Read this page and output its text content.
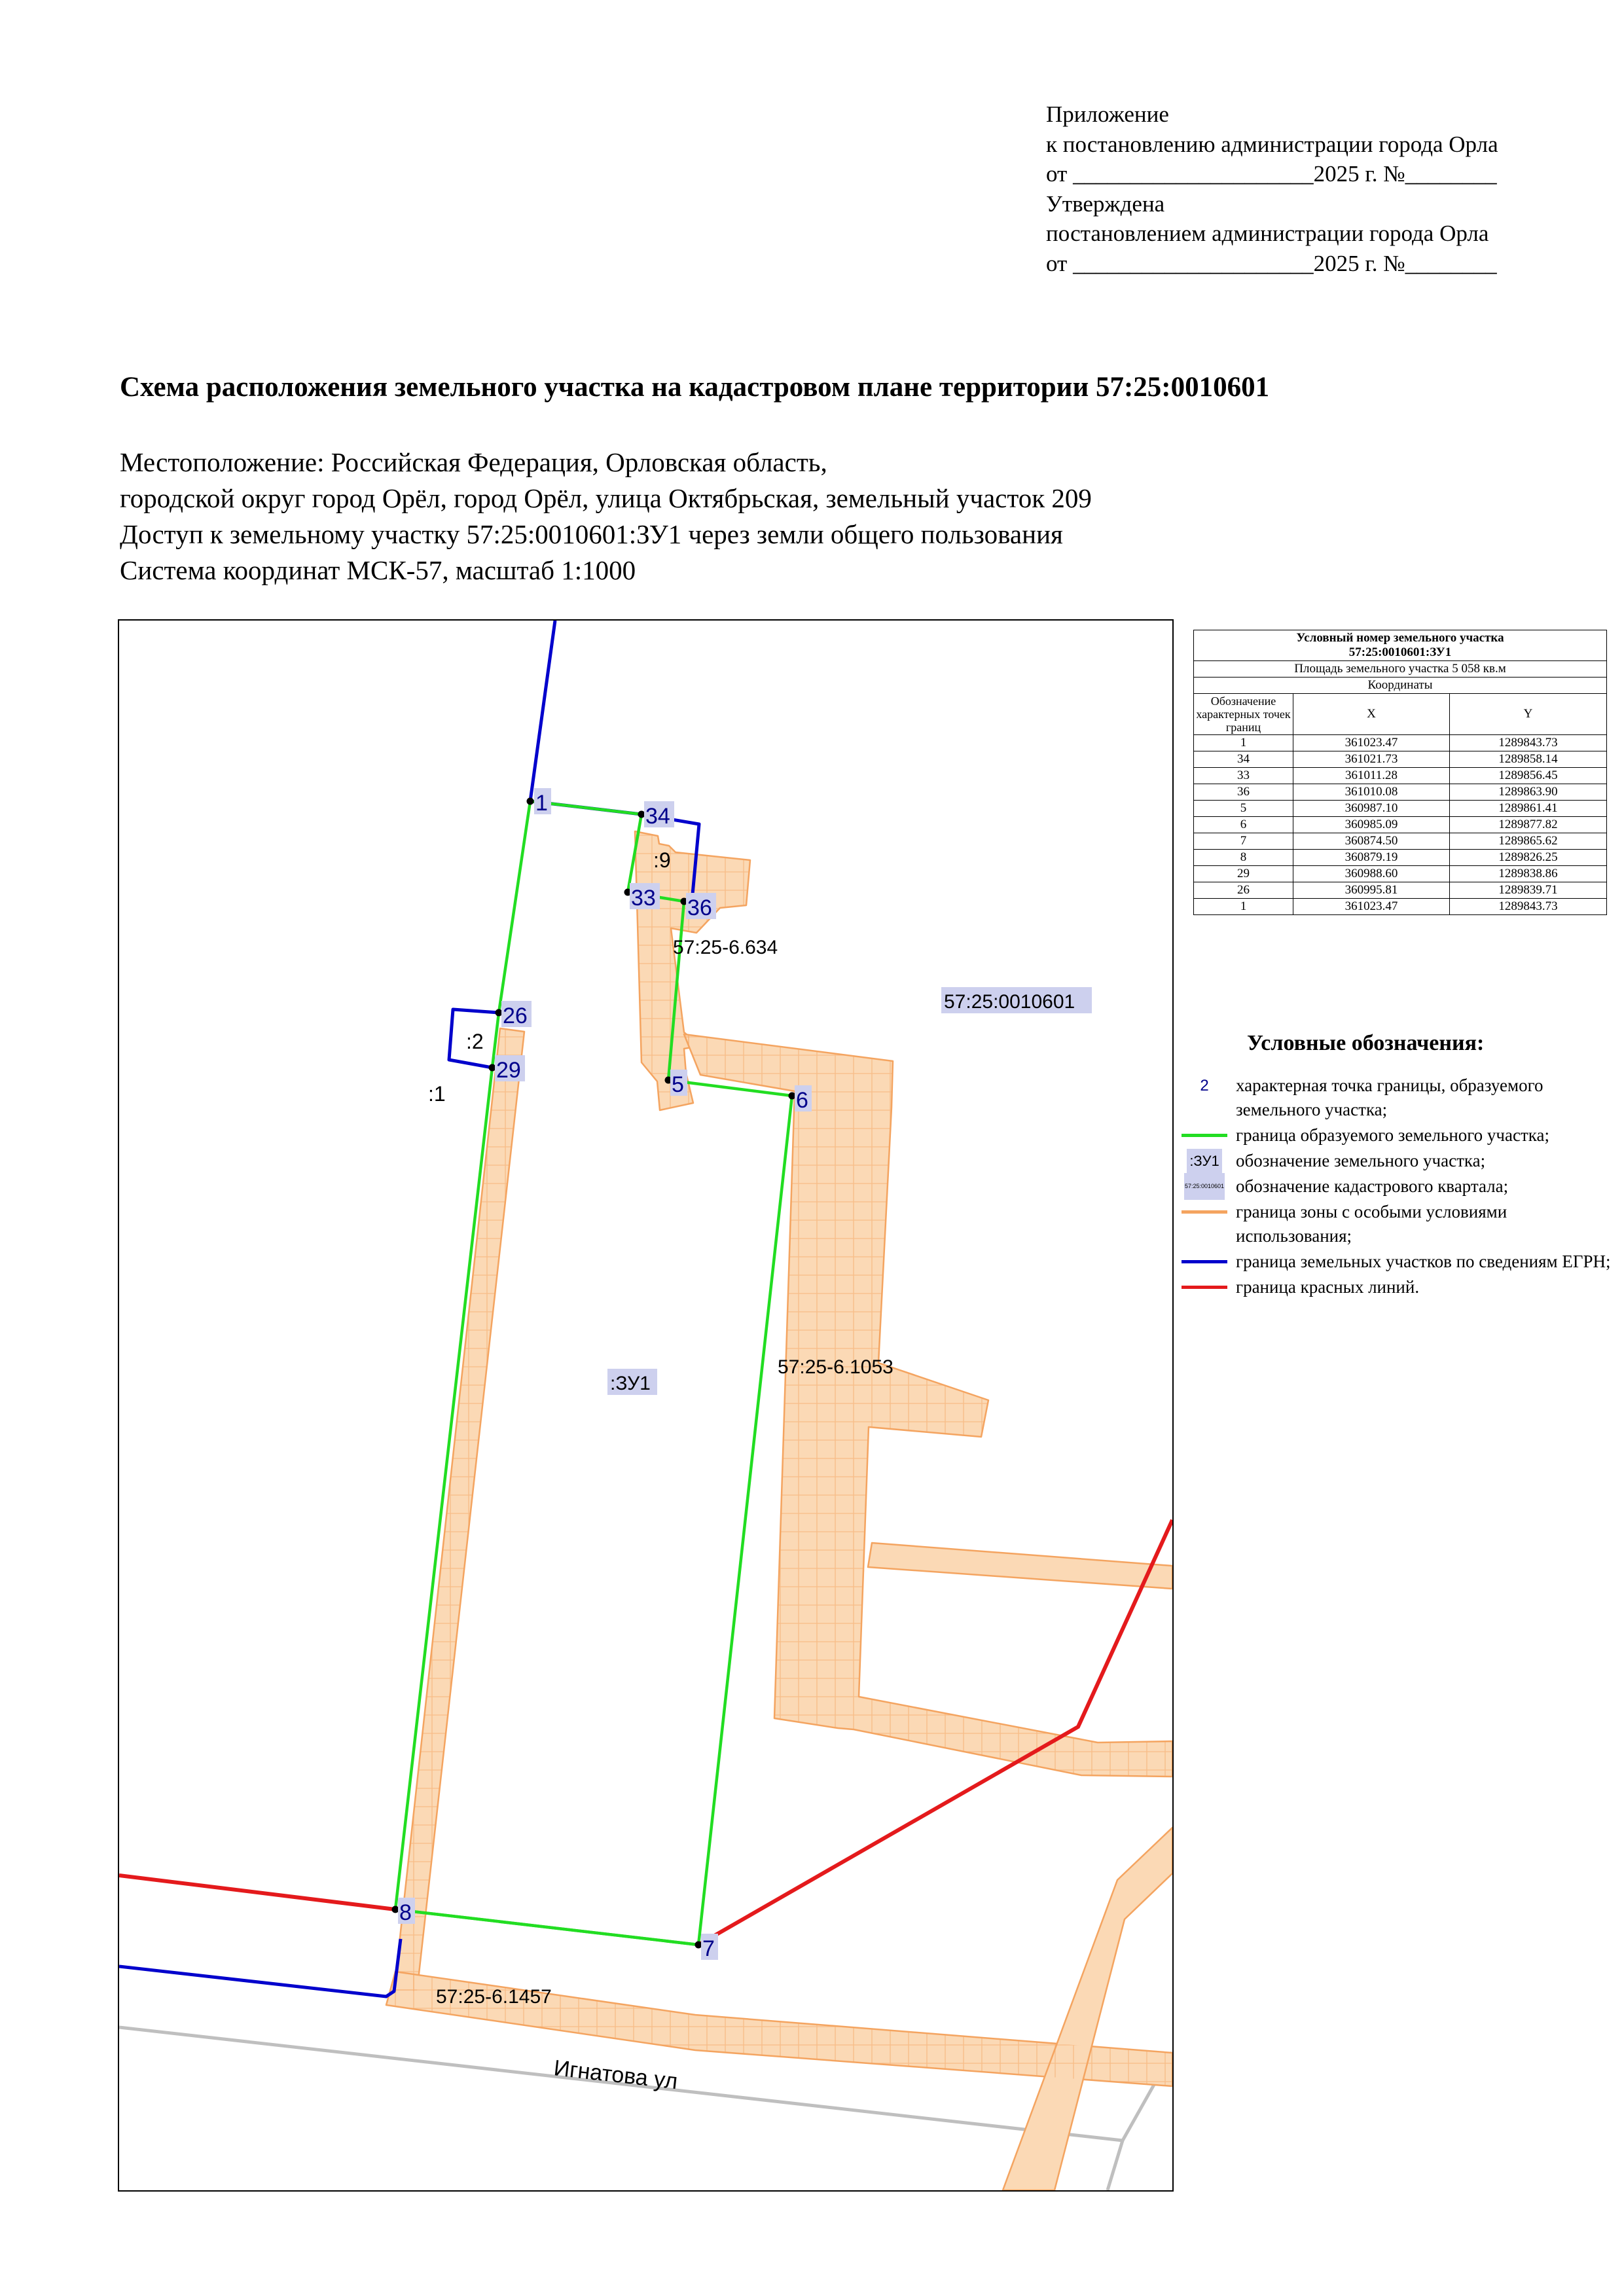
Приложение
к постановлению администрации города Орла
от _____________________2025 г. №________
Утверждена
постановлением администрации города Орла
от _____________________2025 г. №________
Схема расположения земельного участка на кадастровом плане территории 57:25:0010601
Местоположение: Российская Федерация, Орловская область,
городской округ город Орёл, город Орёл, улица Октябрьская, земельный участок 209
Доступ к земельному участку 57:25:0010601:ЗУ1 через земли общего пользования
Система координат МСК-57, масштаб 1:1000
1
34
33 36
5
6
7
8
29
26
57:25:0010601
:ЗУ1
:9
:2
:1
57:25-6.634
57:25-6.1053
57:25-6.1457
Игнатова ул
Условный номер земельного участка
57:25:0010601:ЗУ1		

Площадь земельного участка 5 058 кв.м		
Координаты		
Обозначение характерных точек границ	X	Y
1	361023.47	1289843.73
34	361021.73	1289858.14
33	361011.28	1289856.45
36	361010.08	1289863.90
5	360987.10	1289861.41
6	360985.09	1289877.82
7	360874.50	1289865.62
8	360879.19	1289826.25
29	360988.60	1289838.86
26	360995.81	1289839.71
1	361023.47	1289843.73
Условные обозначения:
2 характерная точка границы, образуемого земельного участка;
граница образуемого земельного участка;
:ЗУ1 обозначение земельного участка;
57:25:0010601 обозначение кадастрового квартала;
граница зоны с особыми условиями использования;
граница земельных участков по сведениям ЕГРН;
граница красных линий.
